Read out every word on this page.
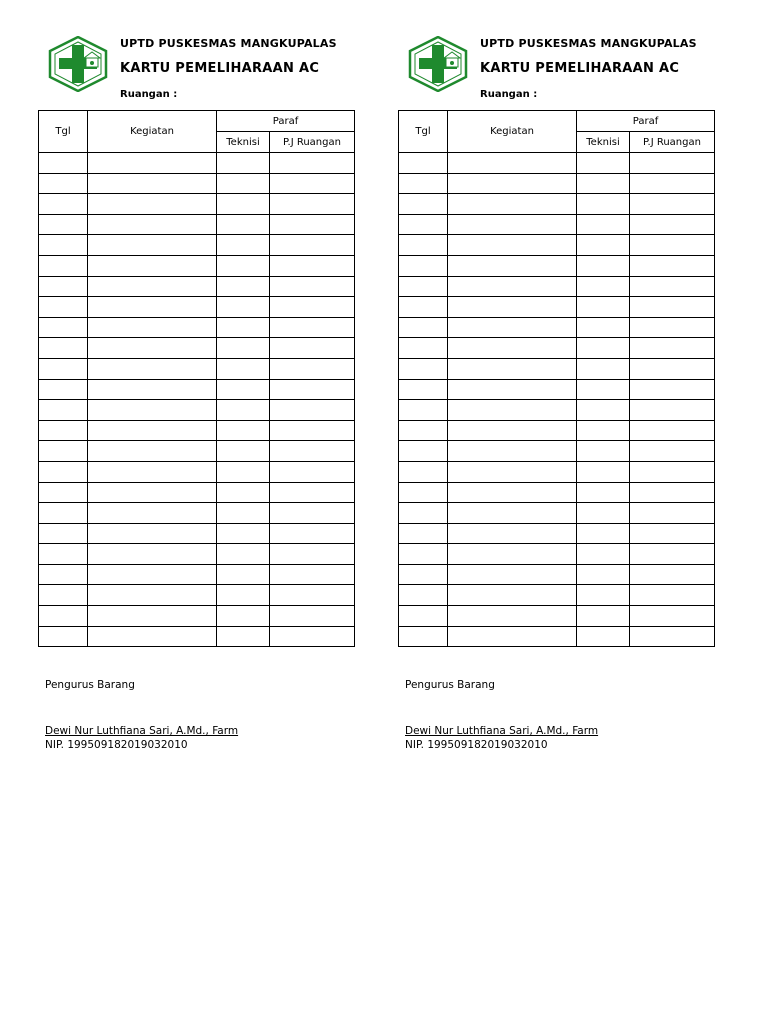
UPTD PUSKESMAS MANGKUPALAS
KARTU PEMELIHARAAN AC
Ruangan :
Tgl	Kegiatan	Paraf	
		Teknisi	P.J Ruangan

Pengurus Barang
Dewi Nur Luthfiana Sari, A.Md., Farm
NIP. 199509182019032010
UPTD PUSKESMAS MANGKUPALAS
KARTU PEMELIHARAAN AC
Ruangan :
Tgl	Kegiatan	Paraf	
		Teknisi	P.J Ruangan

Pengurus Barang
Dewi Nur Luthfiana Sari, A.Md., Farm
NIP. 199509182019032010
